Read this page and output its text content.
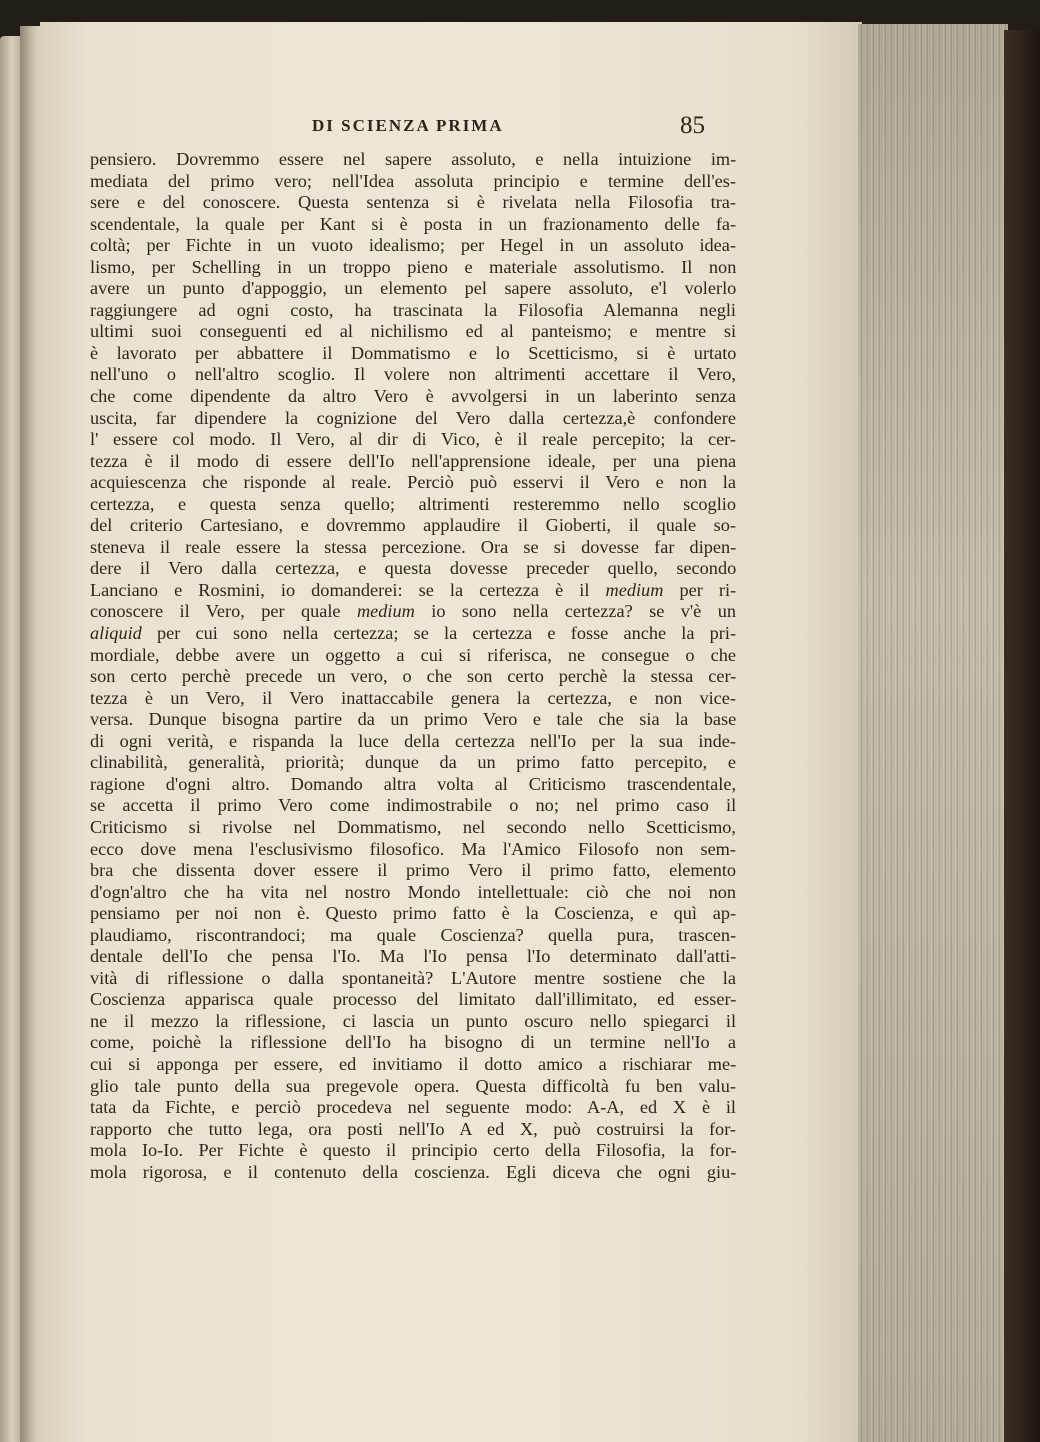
DI SCIENZA PRIMA	85
pensiero. Dovremmo essere nel sapere assoluto, e nella intuizione im-
mediata del primo vero; nell'Idea assoluta principio e termine dell'es-
sere e del conoscere. Questa sentenza si è rivelata nella Filosofia tra-
scendentale, la quale per Kant si è posta in un frazionamento delle fa-
coltà; per Fichte in un vuoto idealismo; per Hegel in un assoluto idea-
lismo, per Schelling in un troppo pieno e materiale assolutismo. Il non
avere un punto d'appoggio, un elemento pel sapere assoluto, e'l volerlo
raggiungere ad ogni costo, ha trascinata la Filosofia Alemanna negli
ultimi suoi conseguenti ed al nichilismo ed al panteismo; e mentre si
è lavorato per abbattere il Dommatismo e lo Scetticismo, si è urtato
nell'uno o nell'altro scoglio. Il volere non altrimenti accettare il Vero,
che come dipendente da altro Vero è avvolgersi in un laberinto senza
uscita, far dipendere la cognizione del Vero dalla certezza,è confondere
l' essere col modo. Il Vero, al dir di Vico, è il reale percepito; la cer-
tezza è il modo di essere dell'Io nell'apprensione ideale, per una piena
acquiescenza che risponde al reale. Perciò può esservi il Vero e non la
certezza, e questa senza quello; altrimenti resteremmo nello scoglio
del criterio Cartesiano, e dovremmo applaudire il Gioberti, il quale so-
steneva il reale essere la stessa percezione. Ora se si dovesse far dipen-
dere il Vero dalla certezza, e questa dovesse preceder quello, secondo
Lanciano e Rosmini, io domanderei: se la certezza è il medium per ri-
conoscere il Vero, per quale medium io sono nella certezza? se v'è un
aliquid per cui sono nella certezza; se la certezza e fosse anche la pri-
mordiale, debbe avere un oggetto a cui si riferisca, ne consegue o che
son certo perchè precede un vero, o che son certo perchè la stessa cer-
tezza è un Vero, il Vero inattaccabile genera la certezza, e non vice-
versa. Dunque bisogna partire da un primo Vero e tale che sia la base
di ogni verità, e rispanda la luce della certezza nell'Io per la sua inde-
clinabilità, generalità, priorità; dunque da un primo fatto percepito, e
ragione d'ogni altro. Domando altra volta al Criticismo trascendentale,
se accetta il primo Vero come indimostrabile o no; nel primo caso il
Criticismo si rivolse nel Dommatismo, nel secondo nello Scetticismo,
ecco dove mena l'esclusivismo filosofico. Ma l'Amico Filosofo non sem-
bra che dissenta dover essere il primo Vero il primo fatto, elemento
d'ogn'altro che ha vita nel nostro Mondo intellettuale: ciò che noi non
pensiamo per noi non è. Questo primo fatto è la Coscienza, e quì ap-
plaudiamo, riscontrandoci; ma quale Coscienza? quella pura, trascen-
dentale dell'Io che pensa l'Io. Ma l'Io pensa l'Io determinato dall'atti-
vità di riflessione o dalla spontaneità? L'Autore mentre sostiene che la
Coscienza apparisca quale processo del limitato dall'illimitato, ed esser-
ne il mezzo la riflessione, ci lascia un punto oscuro nello spiegarci il
come, poichè la riflessione dell'Io ha bisogno di un termine nell'Io a
cui si apponga per essere, ed invitiamo il dotto amico a rischiarar me-
glio tale punto della sua pregevole opera. Questa difficoltà fu ben valu-
tata da Fichte, e perciò procedeva nel seguente modo: A-A, ed X è il
rapporto che tutto lega, ora posti nell'Io A ed X, può costruirsi la for-
mola Io-Io. Per Fichte è questo il principio certo della Filosofia, la for-
mola rigorosa, e il contenuto della coscienza. Egli diceva che ogni giu-
